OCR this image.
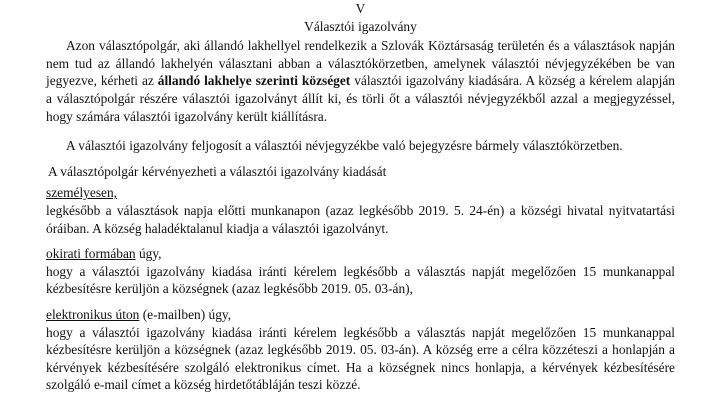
V

Választói igazolvány

Azon választópolgár, aki állandó lakhellyel rendelkezik a Szlovák Köztársaság területén és a választások napján nem tud az állandó lakhelyén választani abban a választókörzetben, amelynek választói névjegyzékében be van jegyezve, kérheti az állandó lakhelye szerinti községet választói igazolvány kiadására. A község a kérelem alapján a választópolgár részére választói igazolványt állít ki, és törli őt a választói névjegyzékből azzal a megjegyzéssel, hogy számára választói igazolvány került kiállításra.

A választói igazolvány feljogosít a választói névjegyzékbe való bejegyzésre bármely választókörzetben.

A választópolgár kérvényezheti a választói igazolvány kiadását

személyesen,

legkésőbb a választások napja előtti munkanapon (azaz legkésőbb 2019. 5. 24-én) a községi hivatal nyitvatartási óráiban. A község haladéktalanul kiadja a választói igazolványt.

okirati formában úgy,

hogy a választói igazolvány kiadása iránti kérelem legkésőbb a választás napját megelőzően 15 munkanappal kézbesítésre kerüljön a községnek (azaz legkésőbb 2019. 05. 03-án),

elektronikus úton (e-mailben) úgy,

hogy a választói igazolvány kiadása iránti kérelem legkésőbb a választás napját megelőzően 15 munkanappal kézbesítésre kerüljön a községnek (azaz legkésőbb 2019. 05. 03-án). A község erre a célra közzéteszi a honlapján a kérvények kézbesítésére szolgáló elektronikus címet. Ha a községnek nincs honlapja, a kérvények kézbesítésére szolgáló e-mail címet a község hirdetőtábláján teszi közzé.
